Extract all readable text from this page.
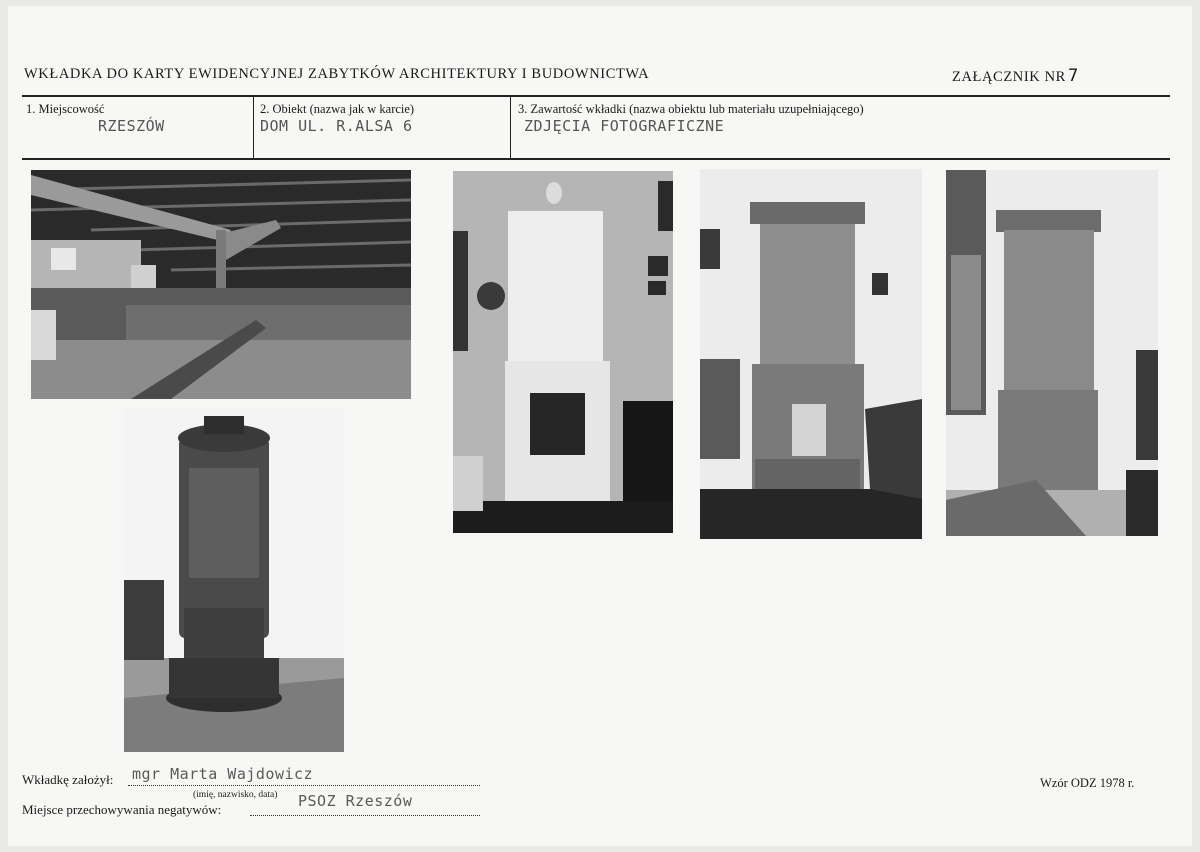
WKŁADKA DO KARTY EWIDENCYJNEJ ZABYTKÓW ARCHITEKTURY I BUDOWNICTWA	ZAŁĄCZNIK NR 7
1. Miejscowość
RZESZÓW
2. Obiekt (nazwa jak w karcie)
DOM UL. R.ALSA 6
3. Zawartość wkładki (nazwa obiektu lub materiału uzupełniającego)
ZDJĘCIA FOTOGRAFICZNE
Wkładkę założył: mgr Marta Wajdowicz
(imię, nazwisko, data)
Miejsce przechowywania negatywów:	PSOZ Rzeszów
Wzór ODZ 1978 r.
